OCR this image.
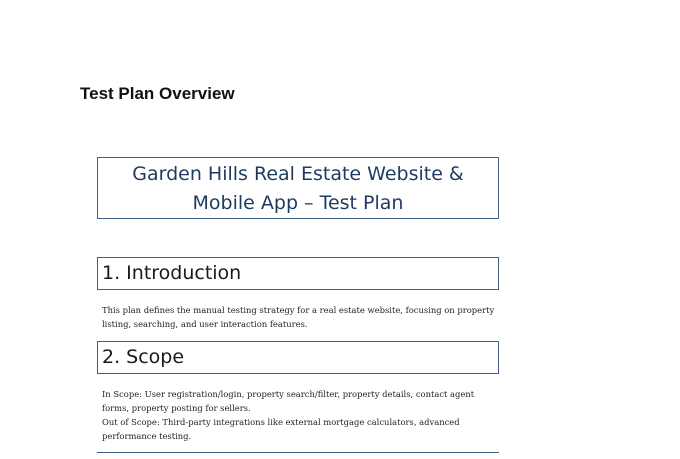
Test Plan Overview
Garden Hills Real Estate Website &
Mobile App – Test Plan
1. Introduction

This plan defines the manual testing strategy for a real estate website, focusing on property

listing, searching, and user interaction features.

2. Scope

In Scope: User registration/login, property search/filter, property details, contact agent

forms, property posting for sellers.

Out of Scope: Third-party integrations like external mortgage calculators, advanced

performance testing.
